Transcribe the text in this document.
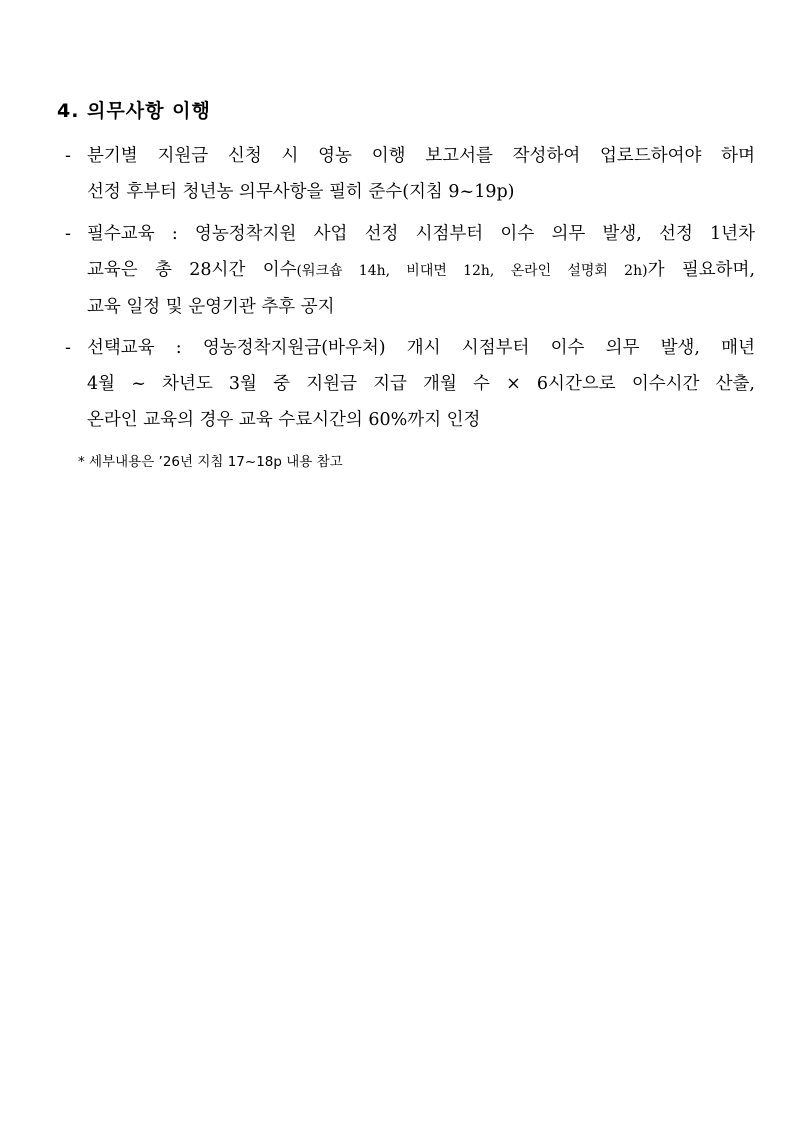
4. 의무사항 이행
- 분기별 지원금 신청 시 영농 이행 보고서를 작성하여 업로드하여야 하며
선정 후부터 청년농 의무사항을 필히 준수(지침 9~19p)
- 필수교육 : 영농정착지원 사업 선정 시점부터 이수 의무 발생, 선정 1년차
교육은 총 28시간 이수(워크숍 14h, 비대면 12h, 온라인 설명회 2h)가 필요하며,
교육 일정 및 운영기관 추후 공지
- 선택교육 : 영농정착지원금(바우처) 개시 시점부터 이수 의무 발생, 매년
4월 ~ 차년도 3월 중 지원금 지급 개월 수 × 6시간으로 이수시간 산출,
온라인 교육의 경우 교육 수료시간의 60%까지 인정
* 세부내용은 ’26년 지침 17~18p 내용 참고
